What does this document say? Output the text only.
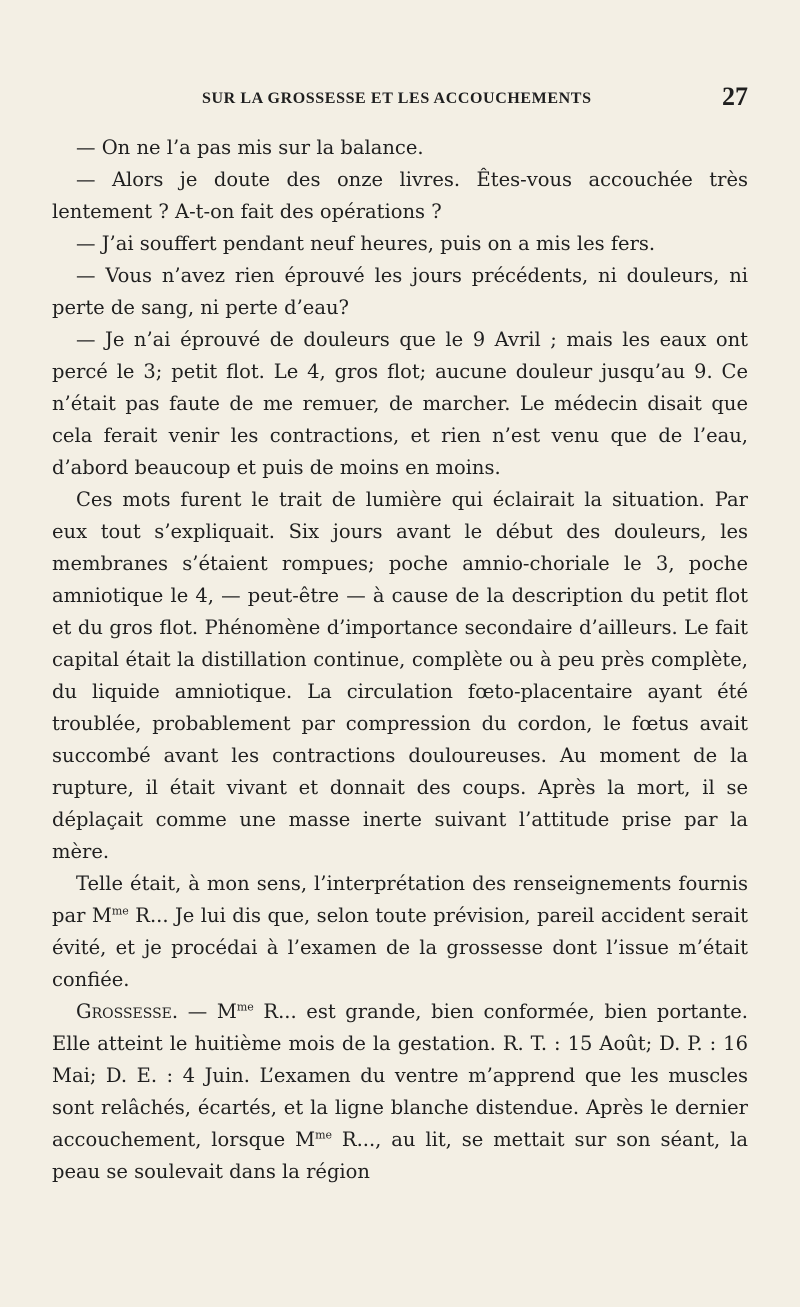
SUR LA GROSSESSE ET LES ACCOUCHEMENTS	27

— On ne l’a pas mis sur la balance.

— Alors je doute des onze livres. Êtes-vous accouchée très lentement ? A-t-on fait des opérations ?

— J’ai souffert pendant neuf heures, puis on a mis les fers.

— Vous n’avez rien éprouvé les jours précédents, ni douleurs, ni perte de sang, ni perte d’eau?

— Je n’ai éprouvé de douleurs que le 9 Avril ; mais les eaux ont percé le 3; petit flot. Le 4, gros flot; aucune douleur jusqu’au 9. Ce n’était pas faute de me remuer, de marcher. Le médecin disait que cela ferait venir les contractions, et rien n’est venu que de l’eau, d’abord beaucoup et puis de moins en moins.

Ces mots furent le trait de lumière qui éclairait la situation. Par eux tout s’expliquait. Six jours avant le début des douleurs, les membranes s’étaient rompues; poche amnio-choriale le 3, poche amniotique le 4, — peut-être — à cause de la description du petit flot et du gros flot. Phénomène d’importance secondaire d’ailleurs. Le fait capital était la distillation continue, complète ou à peu près complète, du liquide amniotique. La circulation fœto-placentaire ayant été troublée, probablement par compression du cordon, le fœtus avait succombé avant les contractions douloureuses. Au moment de la rupture, il était vivant et donnait des coups. Après la mort, il se déplaçait comme une masse inerte suivant l’attitude prise par la mère.

Telle était, à mon sens, l’interprétation des renseignements fournis par $M^{me}$ R... Je lui dis que, selon toute prévision, pareil accident serait évité, et je procédai à l’examen de la grossesse dont l’issue m’était confiée.

Grossesse. — $M^{me}$ R... est grande, bien conformée, bien portante. Elle atteint le huitième mois de la gestation. R. T. : 15 Août; D. P. : 16 Mai; D. E. : 4 Juin. L’examen du ventre m’apprend que les muscles sont relâchés, écartés, et la ligne blanche distendue. Après le dernier accouchement, lorsque $M^{me}$ R..., au lit, se mettait sur son séant, la peau se soulevait dans la région
